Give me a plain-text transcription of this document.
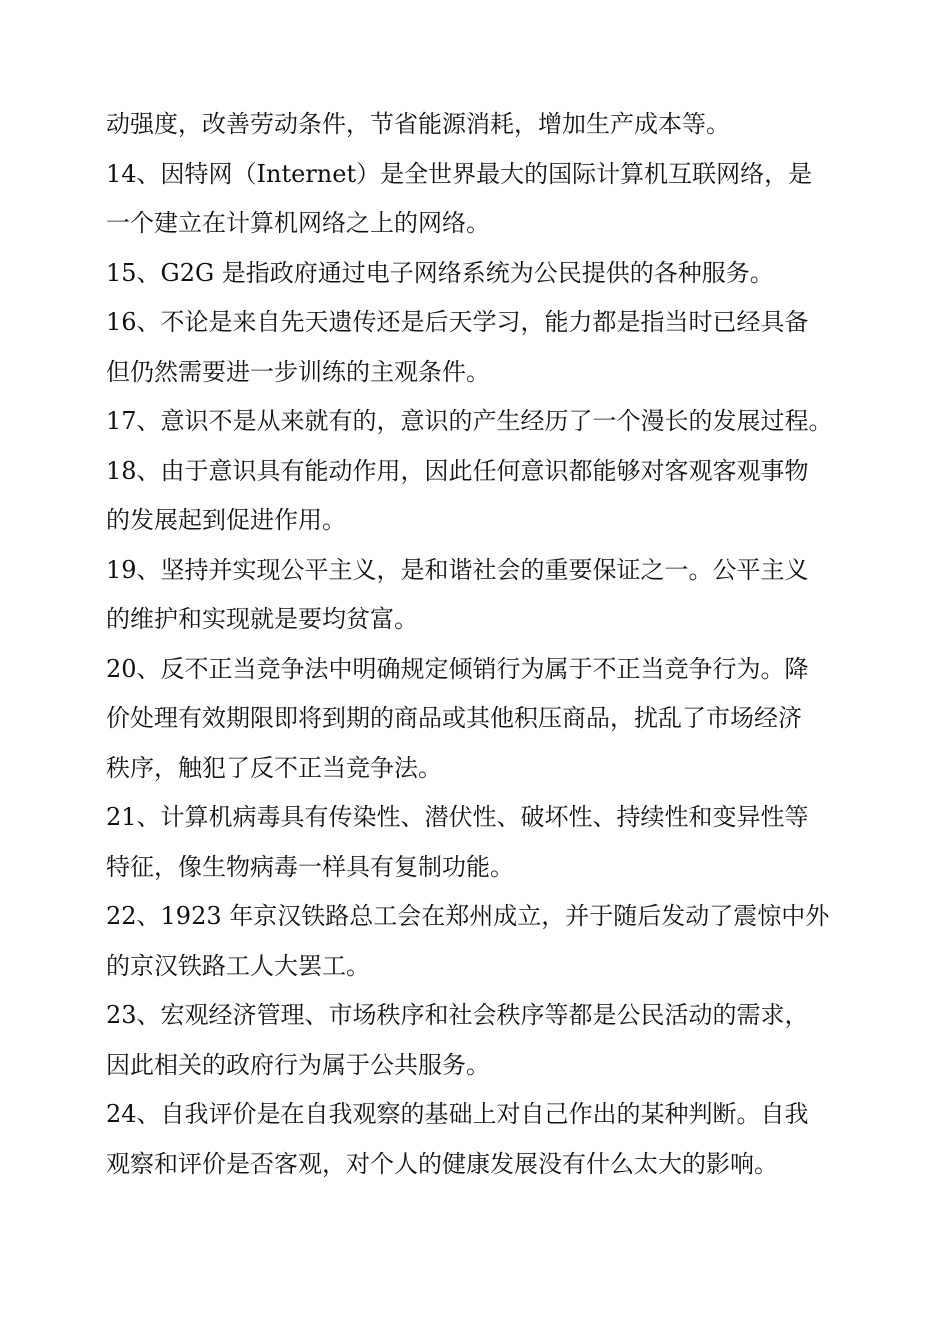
动强度，改善劳动条件，节省能源消耗，增加生产成本等。

14、因特网（Internet）是全世界最大的国际计算机互联网络，是

一个建立在计算机网络之上的网络。

15、G2G 是指政府通过电子网络系统为公民提供的各种服务。

16、不论是来自先天遗传还是后天学习，能力都是指当时已经具备

但仍然需要进一步训练的主观条件。

17、意识不是从来就有的，意识的产生经历了一个漫长的发展过程。

18、由于意识具有能动作用，因此任何意识都能够对客观客观事物

的发展起到促进作用。

19、坚持并实现公平主义，是和谐社会的重要保证之一。公平主义

的维护和实现就是要均贫富。

20、反不正当竞争法中明确规定倾销行为属于不正当竞争行为。降

价处理有效期限即将到期的商品或其他积压商品，扰乱了市场经济

秩序，触犯了反不正当竞争法。

21、计算机病毒具有传染性、潜伏性、破坏性、持续性和变异性等

特征，像生物病毒一样具有复制功能。

22、1923 年京汉铁路总工会在郑州成立，并于随后发动了震惊中外

的京汉铁路工人大罢工。

23、宏观经济管理、市场秩序和社会秩序等都是公民活动的需求，

因此相关的政府行为属于公共服务。

24、自我评价是在自我观察的基础上对自己作出的某种判断。自我

观察和评价是否客观，对个人的健康发展没有什么太大的影响。
